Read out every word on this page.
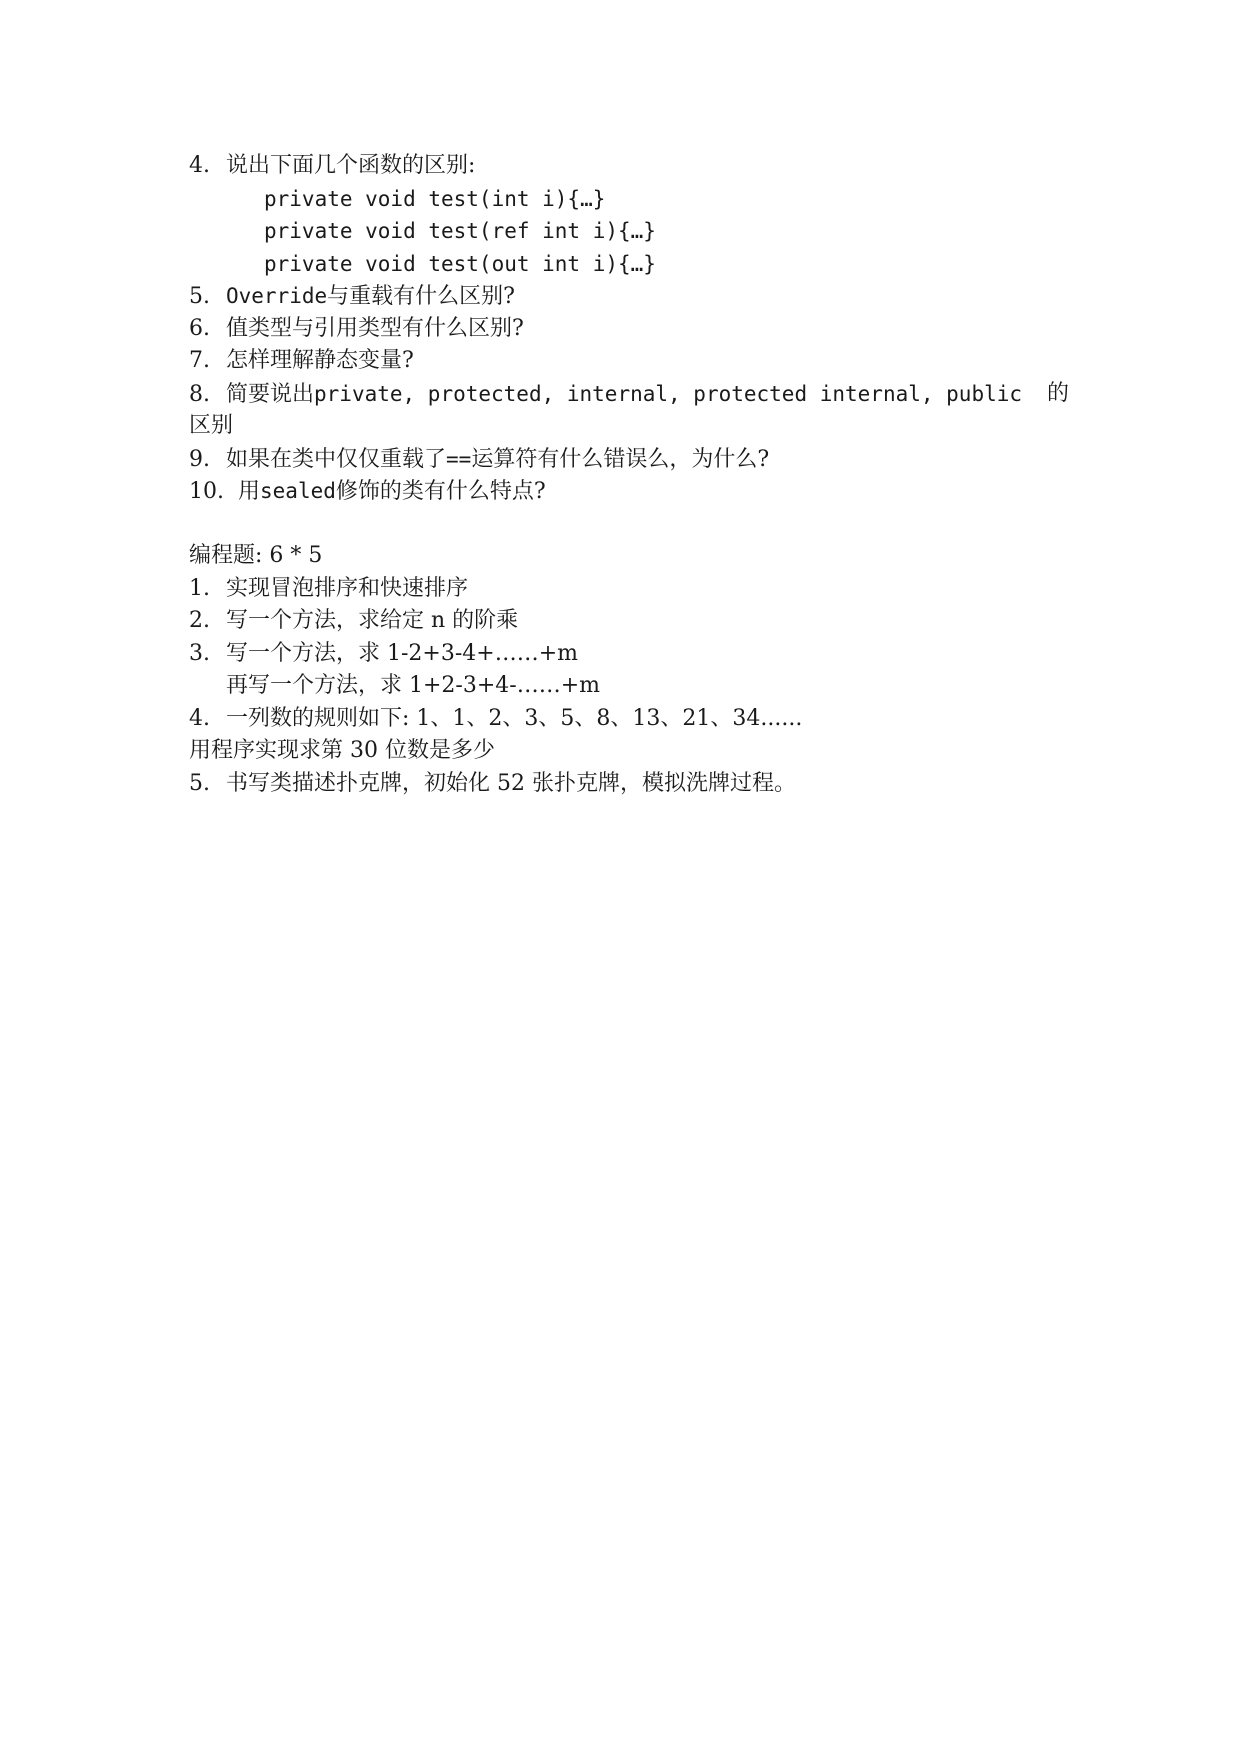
4. 说出下面几个函数的区别:
private void test(int i){…}
private void test(ref int i){…}
private void test(out int i){…}
5. Override与重载有什么区别?
6. 值类型与引用类型有什么区别?
7. 怎样理解静态变量?
8. 简要说出private, protected, internal, protected internal, public 的
区别
9. 如果在类中仅仅重载了==运算符有什么错误么，为什么?
10. 用sealed修饰的类有什么特点?
编程题: 6 * 5
1. 实现冒泡排序和快速排序
2. 写一个方法，求给定 n 的阶乘
3. 写一个方法，求 1-2+3-4+……+m
再写一个方法，求 1+2-3+4-……+m
4. 一列数的规则如下: 1、1、2、3、5、8、13、21、34......
用程序实现求第 30 位数是多少
5. 书写类描述扑克牌，初始化 52 张扑克牌，模拟洗牌过程。
